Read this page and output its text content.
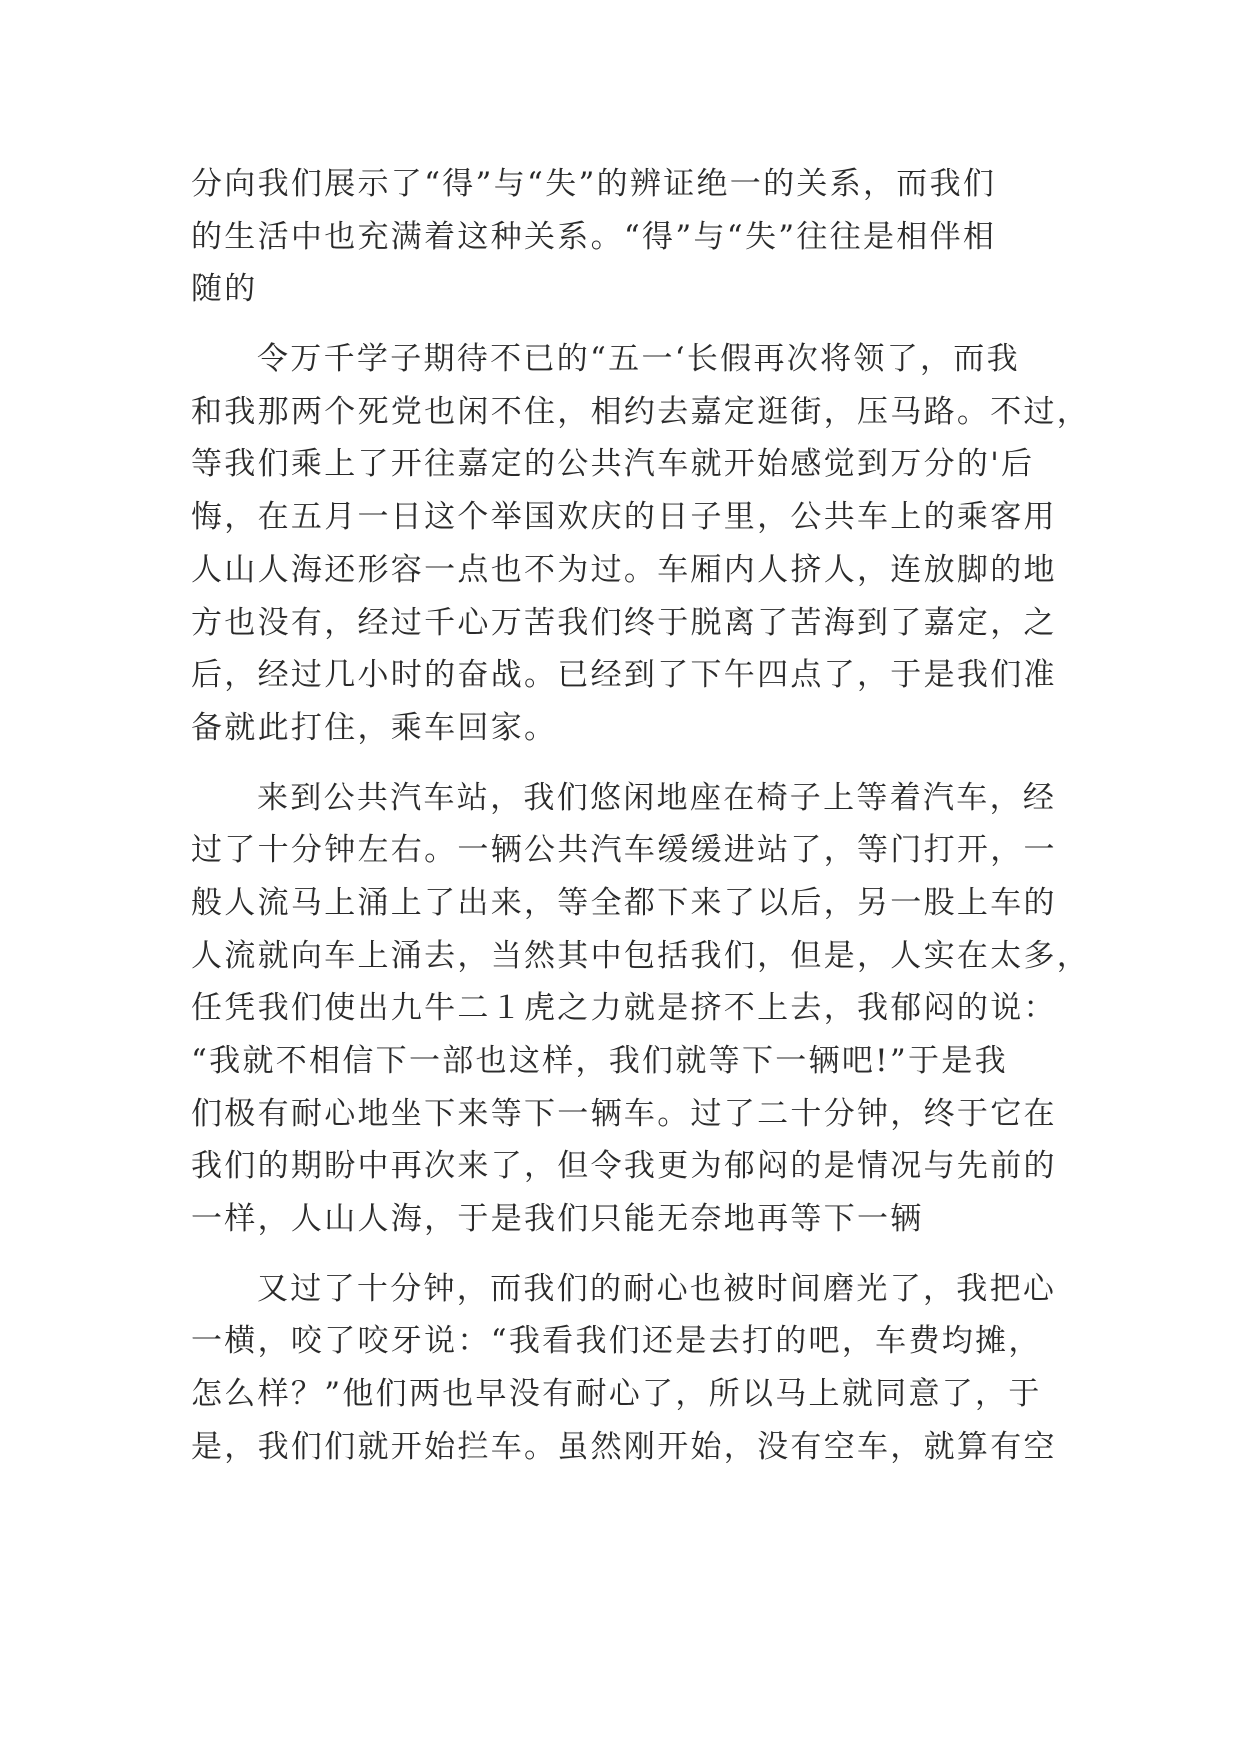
分向我们展示了“得”与“失”的辨证绝一的关系，而我们
的生活中也充满着这种关系。“得”与“失”往往是相伴相
随的
令万千学子期待不已的“五一‘长假再次将领了，而我
和我那两个死党也闲不住，相约去嘉定逛街，压马路。不过，
等我们乘上了开往嘉定的公共汽车就开始感觉到万分的'后
悔，在五月一日这个举国欢庆的日子里，公共车上的乘客用
人山人海还形容一点也不为过。车厢内人挤人，连放脚的地
方也没有，经过千心万苦我们终于脱离了苦海到了嘉定，之
后，经过几小时的奋战。已经到了下午四点了，于是我们准
备就此打住，乘车回家。
来到公共汽车站，我们悠闲地座在椅子上等着汽车，经
过了十分钟左右。一辆公共汽车缓缓进站了，等门打开，一
般人流马上涌上了出来，等全都下来了以后，另一股上车的
人流就向车上涌去，当然其中包括我们，但是，人实在太多，
任凭我们使出九牛二１虎之力就是挤不上去，我郁闷的说：
“我就不相信下一部也这样，我们就等下一辆吧!”于是我
们极有耐心地坐下来等下一辆车。过了二十分钟，终于它在
我们的期盼中再次来了，但令我更为郁闷的是情况与先前的
一样，人山人海，于是我们只能无奈地再等下一辆
又过了十分钟，而我们的耐心也被时间磨光了，我把心
一横，咬了咬牙说：“我看我们还是去打的吧，车费均摊，
怎么样？”他们两也早没有耐心了，所以马上就同意了，于
是，我们们就开始拦车。虽然刚开始，没有空车，就算有空
